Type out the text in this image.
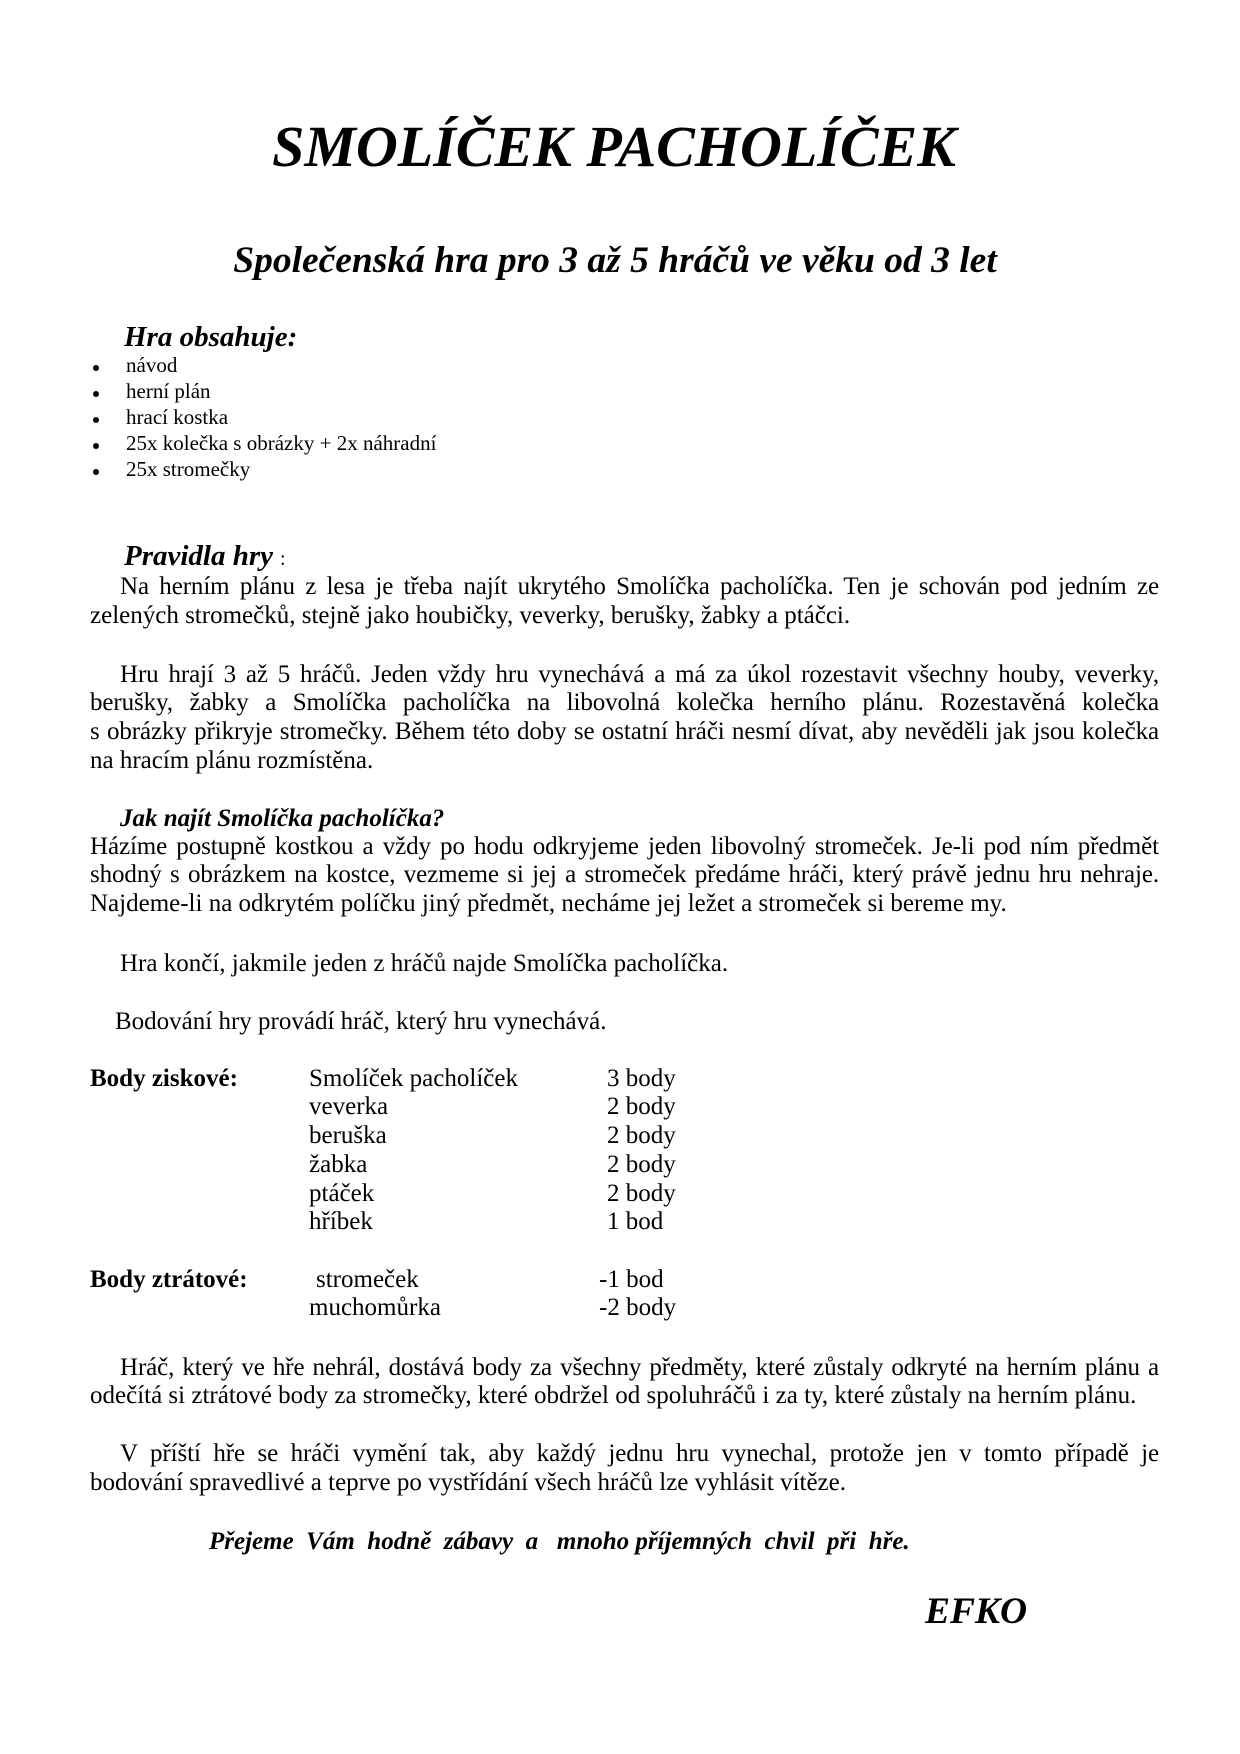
SMOLÍČEK PACHOLÍČEK
Společenská hra pro 3 až 5 hráčů ve věku od 3 let
Hra obsahuje:
návod
herní plán
hrací kostka
25x kolečka s obrázky + 2x náhradní
25x stromečky
Pravidla hry :
Na herním plánu z lesa je třeba najít ukrytého Smolíčka pacholíčka. Ten je schován pod jedním ze
zelených stromečků, stejně jako houbičky, veverky, berušky, žabky a ptáčci.
Hru hrají 3 až 5 hráčů. Jeden vždy hru vynechává a má za úkol rozestavit všechny houby, veverky,
berušky, žabky a Smolíčka pacholíčka na libovolná kolečka herního plánu. Rozestavěná kolečka
s obrázky přikryje stromečky. Během této doby se ostatní hráči nesmí dívat, aby nevěděli jak jsou kolečka
na hracím plánu rozmístěna.
Jak najít Smolíčka pacholíčka?
Házíme postupně kostkou a vždy po hodu odkryjeme jeden libovolný stromeček. Je-li pod ním předmět
shodný s obrázkem na kostce, vezmeme si jej a stromeček předáme hráči, který právě jednu hru nehraje.
Najdeme-li na odkrytém políčku jiný předmět, necháme jej ležet a stromeček si bereme my.
Hra končí, jakmile jeden z hráčů najde Smolíčka pacholíčka.
Bodování hry provádí hráč, který hru vynechává.
Body ziskové:	Smolíček pacholíček	3 body
veverka	2 body
beruška	2 body
žabka	2 body
ptáček	2 body
hříbek	1 bod
Body ztrátové:	stromeček	-1 bod
muchomůrka	-2 body
Hráč, který ve hře nehrál, dostává body za všechny předměty, které zůstaly odkryté na herním plánu a
odečítá si ztrátové body za stromečky, které obdržel od spoluhráčů i za ty, které zůstaly na herním plánu.
V příští hře se hráči vymění tak, aby každý jednu hru vynechal, protože jen v tomto případě je
bodování spravedlivé a teprve po vystřídání všech hráčů lze vyhlásit vítěze.
Přejeme  Vám  hodně  zábavy  a   mnoho příjemných  chvil  při  hře.
EFKO
